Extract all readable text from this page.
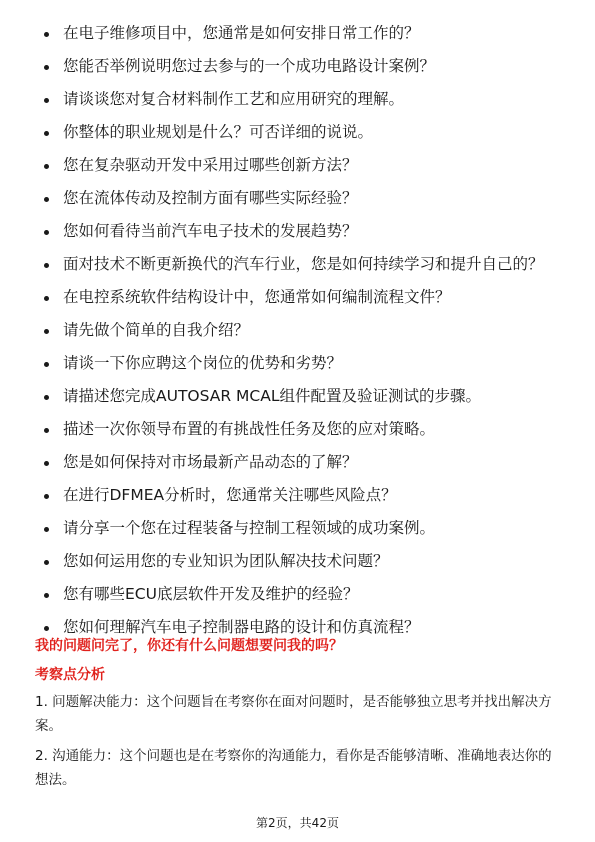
在电子维修项目中，您通常是如何安排日常工作的？
您能否举例说明您过去参与的一个成功电路设计案例？
请谈谈您对复合材料制作工艺和应用研究的理解。
你整体的职业规划是什么？可否详细的说说。
您在复杂驱动开发中采用过哪些创新方法？
您在流体传动及控制方面有哪些实际经验？
您如何看待当前汽车电子技术的发展趋势？
面对技术不断更新换代的汽车行业，您是如何持续学习和提升自己的？
在电控系统软件结构设计中，您通常如何编制流程文件？
请先做个简单的自我介绍？
请谈一下你应聘这个岗位的优势和劣势？
请描述您完成AUTOSAR MCAL组件配置及验证测试的步骤。
描述一次你领导布置的有挑战性任务及您的应对策略。
您是如何保持对市场最新产品动态的了解？
在进行DFMEA分析时，您通常关注哪些风险点？
请分享一个您在过程装备与控制工程领域的成功案例。
您如何运用您的专业知识为团队解决技术问题？
您有哪些ECU底层软件开发及维护的经验？
您如何理解汽车电子控制器电路的设计和仿真流程？

我的问题问完了，你还有什么问题想要问我的吗？

考察点分析

1. 问题解决能力：这个问题旨在考察你在面对问题时，是否能够独立思考并找出解决方案。
2. 沟通能力：这个问题也是在考察你的沟通能力，看你是否能够清晰、准确地表达你的想法。
第2页，共42页
